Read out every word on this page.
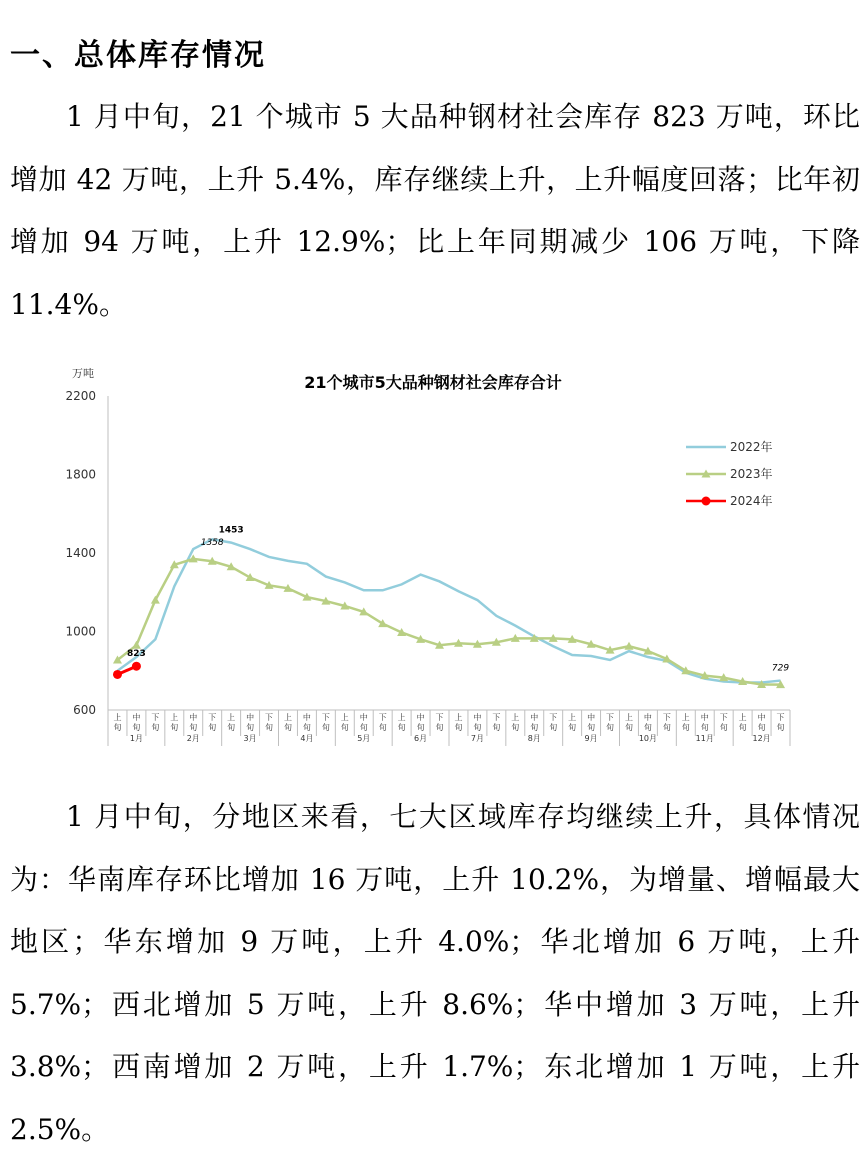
一、总体库存情况

1 月中旬，21 个城市 5 大品种钢材社会库存 823 万吨，环比增加 42 万吨，上升 5.4%，库存继续上升，上升幅度回落；比年初增加 94 万吨，上升 12.9%；比上年同期减少 106 万吨，下降 11.4%。

万吨	21个城市5大品种钢材社会库存合计
600
1000
1400
1800
2200
上
旬
中
旬
下
旬
上
旬
中
旬
下
旬
上
旬
中
旬
下
旬
上
旬
中
旬
下
旬
上
旬
中
旬
下
旬
上
旬
中
旬
下
旬
上
旬
中
旬
下
旬
上
旬
中
旬
下
旬
上
旬
中
旬
下
旬
上
旬
中
旬
下
旬
上
旬
中
旬
下
旬
上
旬
中
旬
下
旬
1月	2月	3月	4月	5月	6月	7月	8月	9月	10月	11月	12月
1453
1358
823
729
2022年
2023年
2024年

1 月中旬，分地区来看，七大区域库存均继续上升，具体情况为：华南库存环比增加 16 万吨，上升 10.2%，为增量、增幅最大地区；华东增加 9 万吨，上升 4.0%；华北增加 6 万吨，上升 5.7%；西北增加 5 万吨，上升 8.6%；华中增加 3 万吨，上升 3.8%；西南增加 2 万吨，上升 1.7%；东北增加 1 万吨，上升 2.5%。
